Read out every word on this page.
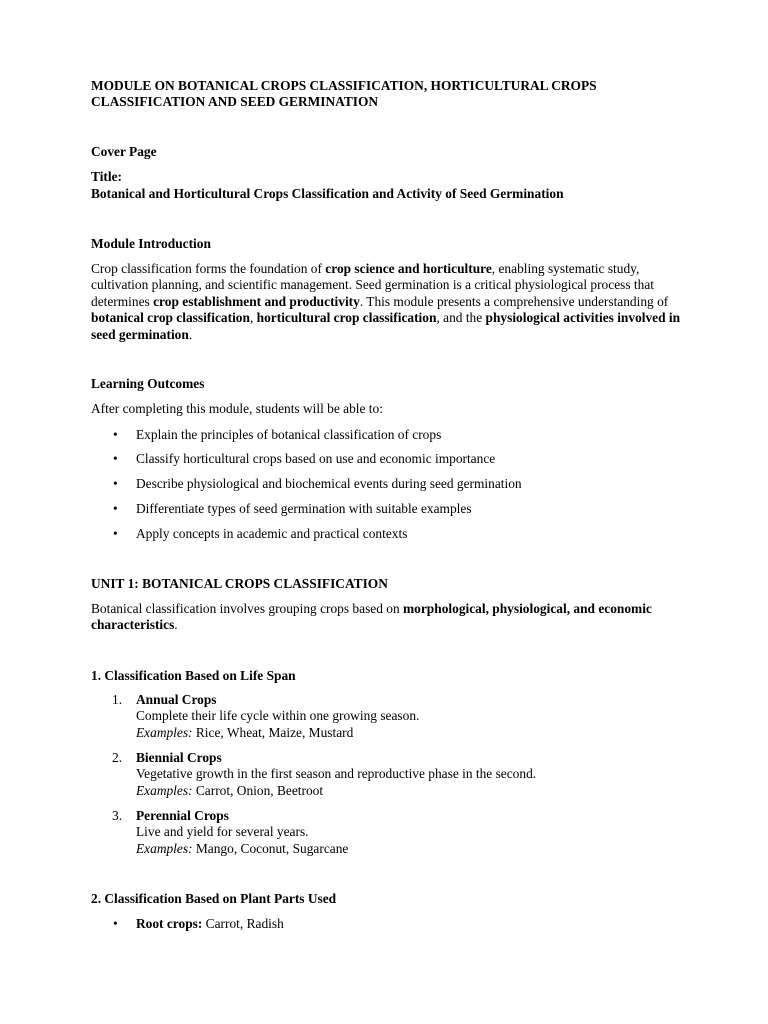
MODULE ON BOTANICAL CROPS CLASSIFICATION, HORTICULTURAL CROPS CLASSIFICATION AND SEED GERMINATION
Cover Page
Title:
Botanical and Horticultural Crops Classification and Activity of Seed Germination
Module Introduction

Crop classification forms the foundation of crop science and horticulture, enabling systematic study, cultivation planning, and scientific management. Seed germination is a critical physiological process that determines crop establishment and productivity. This module presents a comprehensive understanding of botanical crop classification, horticultural crop classification, and the physiological activities involved in seed germination.

Learning Outcomes
After completing this module, students will be able to:
• Explain the principles of botanical classification of crops
• Classify horticultural crops based on use and economic importance
• Describe physiological and biochemical events during seed germination
• Differentiate types of seed germination with suitable examples
• Apply concepts in academic and practical contexts
UNIT 1: BOTANICAL CROPS CLASSIFICATION

Botanical classification involves grouping crops based on morphological, physiological, and economic characteristics.

1. Classification Based on Life Span
1. Annual Crops
Complete their life cycle within one growing season.
Examples: Rice, Wheat, Maize, Mustard
2. Biennial Crops
Vegetative growth in the first season and reproductive phase in the second.
Examples: Carrot, Onion, Beetroot
3. Perennial Crops
Live and yield for several years.
Examples: Mango, Coconut, Sugarcane
2. Classification Based on Plant Parts Used
• Root crops: Carrot, Radish
